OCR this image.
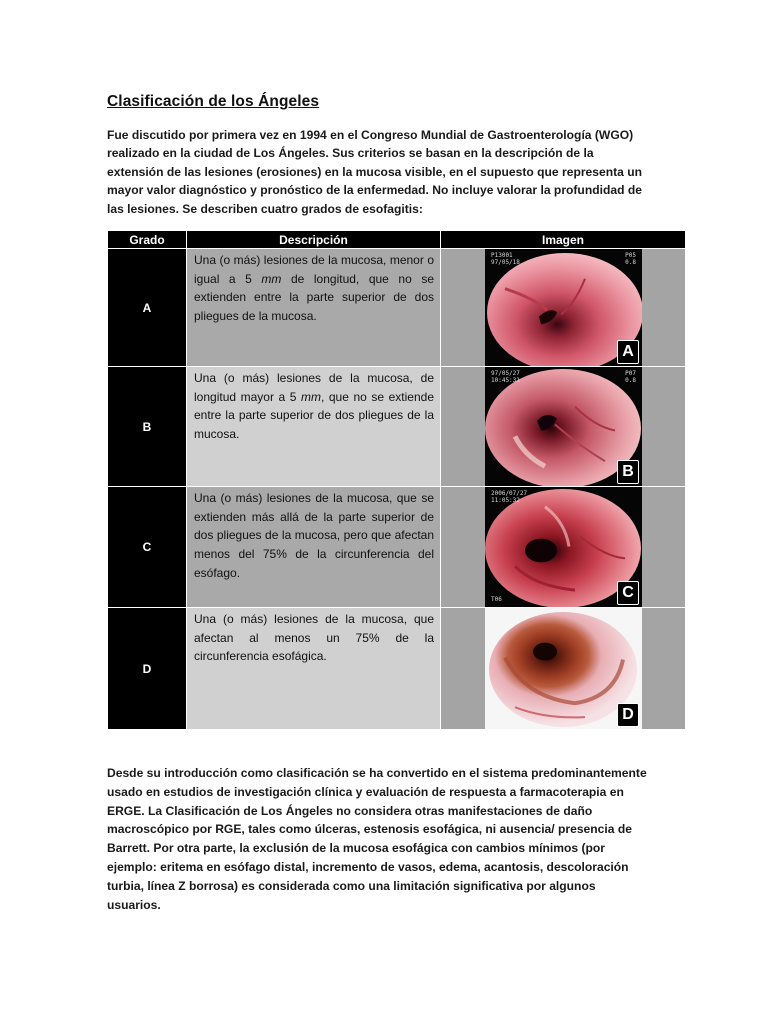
Clasificación de los Ángeles

Fue discutido por primera vez en 1994 en el Congreso Mundial de Gastroenterología (WGO) realizado en la ciudad de Los Ángeles. Sus criterios se basan en la descripción de la extensión de las lesiones (erosiones) en la mucosa visible, en el supuesto que representa un mayor valor diagnóstico y pronóstico de la enfermedad. No incluye valorar la profundidad de las lesiones. Se describen cuatro grados de esofagitis:

Grado	Descripción	Imagen
A	Una (o más) lesiones de la mucosa, menor o igual a 5 mm de longitud, que no se extienden entre la parte superior de dos pliegues de la mucosa.	P13001
97/05/18
P05
0.8
A

B	Una (o más) lesiones de la mucosa, de longitud mayor a 5 mm, que no se extiende entre la parte superior de dos pliegues de la mucosa.	97/05/27
10:45:31
P07
0.8
B

C	Una (o más) lesiones de la mucosa, que se extienden más allá de la parte superior de dos pliegues de la mucosa, pero que afectan menos del 75% de la circunferencia del esófago.	2006/07/27
11:05:32
T06 C

D	Una (o más) lesiones de la mucosa, que afectan al menos un 75% de la circunferencia esofágica.	D

Desde su introducción como clasificación se ha convertido en el sistema predominantemente usado en estudios de investigación clínica y evaluación de respuesta a farmacoterapia en ERGE. La Clasificación de Los Ángeles no considera otras manifestaciones de daño macroscópico por RGE, tales como úlceras, estenosis esofágica, ni ausencia/ presencia de Barrett. Por otra parte, la exclusión de la mucosa esofágica con cambios mínimos (por ejemplo: eritema en esófago distal, incremento de vasos, edema, acantosis, descoloración turbia, línea Z borrosa) es considerada como una limitación significativa por algunos usuarios.
